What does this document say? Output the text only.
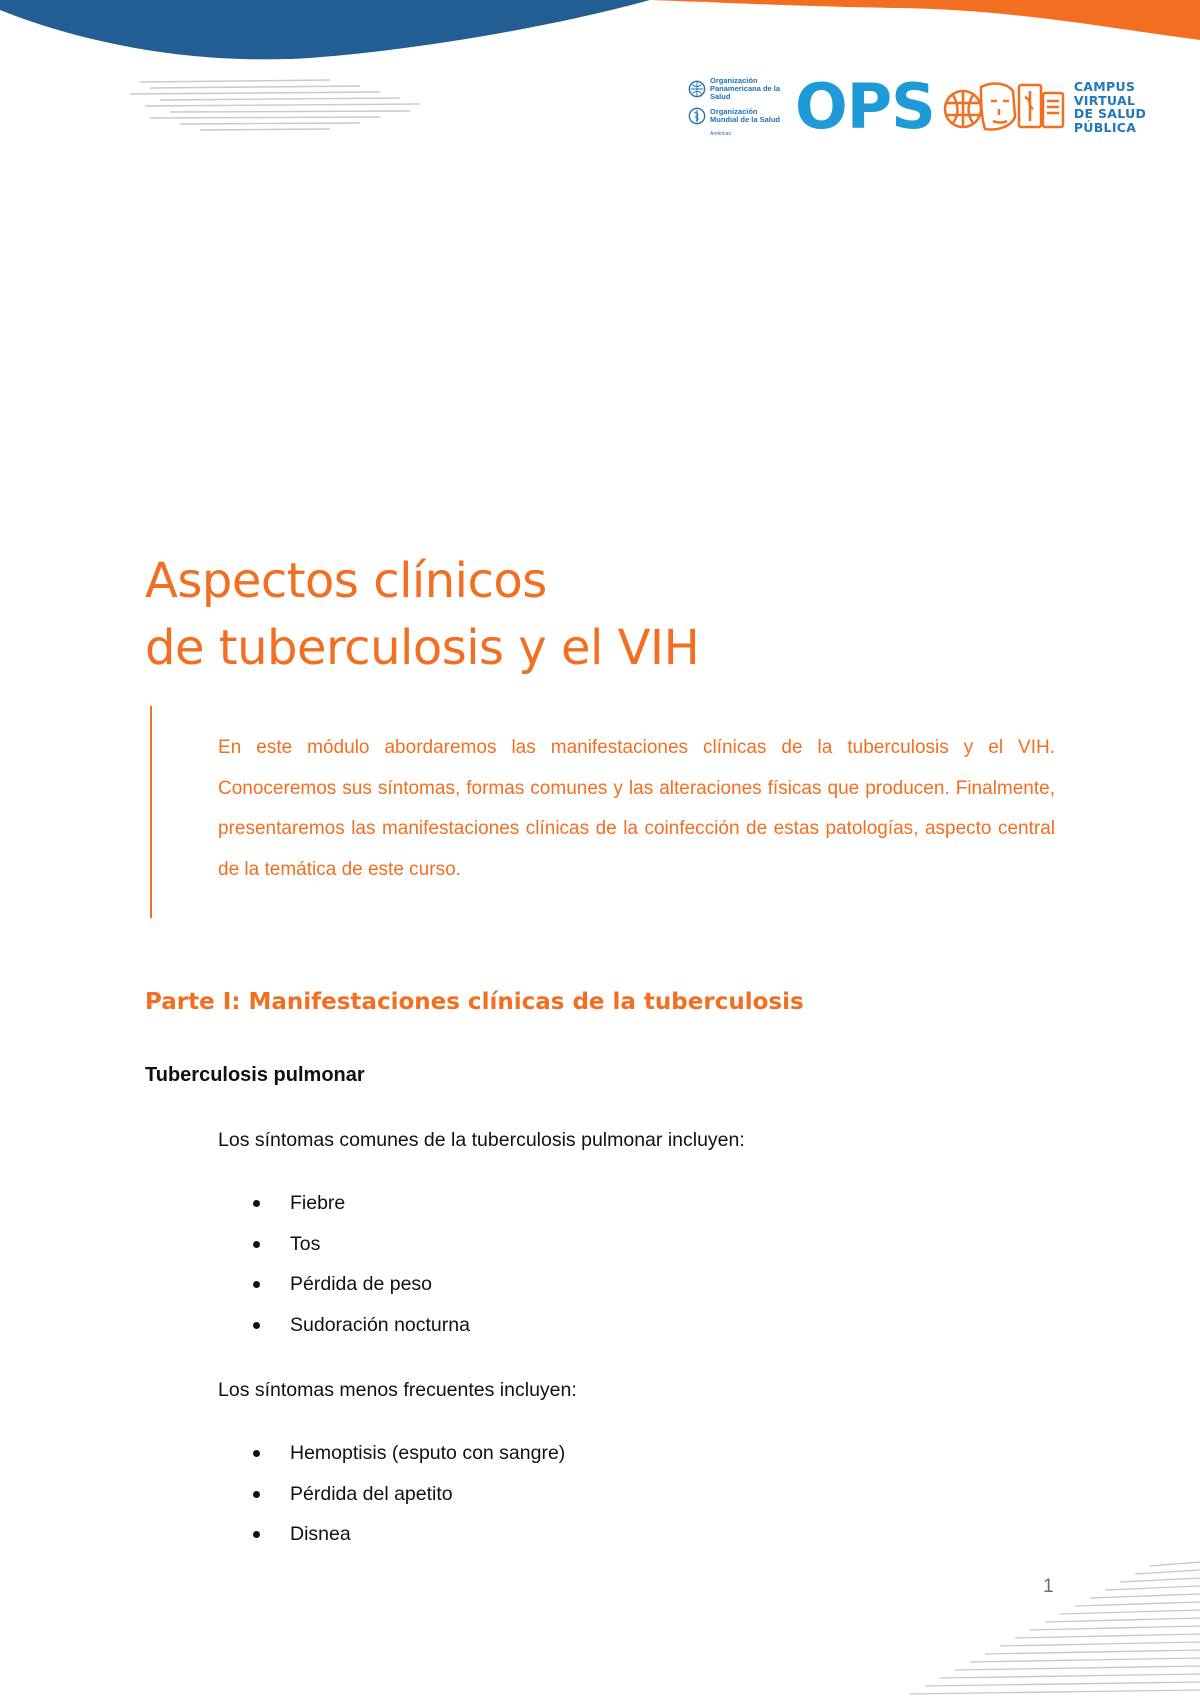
Organización Panamericana de la Salud
Organización Mundial de la Salud
Américas	OPS	CAMPUS
VIRTUAL
DE SALUD
PÚBLICA
Aspectos clínicos
de tuberculosis y el VIH

En este módulo abordaremos las manifestaciones clínicas de la tuberculosis y el VIH. Conoceremos sus síntomas, formas comunes y las alteraciones físicas que producen. Finalmente, presentaremos las manifestaciones clínicas de la coinfección de estas patologías, aspecto central de la temática de este curso.

Parte I: Manifestaciones clínicas de la tuberculosis
Tuberculosis pulmonar

Los síntomas comunes de la tuberculosis pulmonar incluyen:

Fiebre
Tos
Pérdida de peso
Sudoración nocturna

Los síntomas menos frecuentes incluyen:

Hemoptisis (esputo con sangre)
Pérdida del apetito
Disnea
1
